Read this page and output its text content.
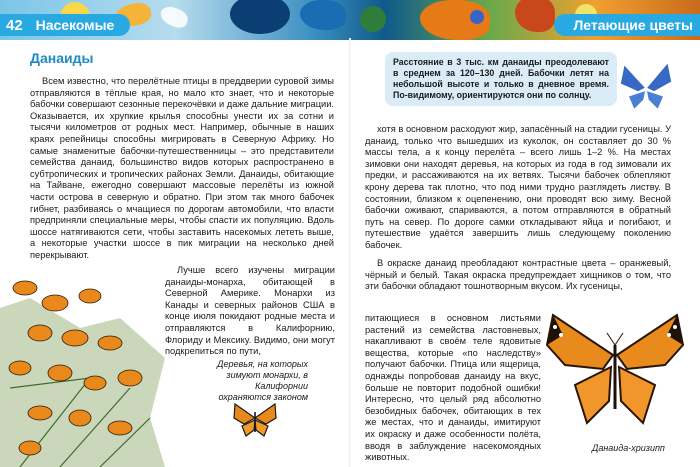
42 Насекомые	Летающие цветы 43
Данаиды

Всем известно, что перелётные птицы в преддверии суровой зимы отправляются в тёплые края, но мало кто знает, что и некоторые бабочки совершают сезонные перекочёвки и даже дальние миграции. Оказывается, их хрупкие крылья способны унести их за сотни и тысячи километров от родных мест. Например, обычные в наших краях репейницы способны мигрировать в Северную Африку. Но самые знаменитые бабочки-путешественницы – это представители семейства данаид, большинство видов которых распространено в субтропических и тропических районах Земли. Данаиды, обитающие на Тайване, ежегодно совершают массовые перелёты из южной части острова в северную и обратно. При этом так много бабочек гибнет, разбиваясь о мчащиеся по дорогам автомобили, что власти предприняли специальные меры, чтобы спасти их популяцию. Вдоль шоссе натягиваются сети, чтобы заставить насекомых лететь выше, а некоторые участки шоссе в пик миграции на несколько дней перекрывают.

Лучше всего изучены миграции данаиды-монарха, обитающей в Северной Америке. Монархи из Канады и северных районов США в конце июля покидают родные места и отправляются в Калифорнию, Флориду и Мексику. Видимо, они могут подкрепиться по пути,

Деревья, на которых зимуют монархи, в Калифорнии охраняются законом

Расстояние в 3 тыс. км данаиды преодолевают в среднем за 120–130 дней. Бабочки летят на небольшой высоте и только в дневное время. По-видимому, ориентируются они по солнцу.

хотя в основном расходуют жир, запасённый на стадии гусеницы. У данаид, только что вышедших из куколок, он составляет до 30 % массы тела, а к концу перелёта – всего лишь 1–2 %. На местах зимовки они находят деревья, на которых из года в год зимовали их предки, и рассаживаются на их ветвях. Тысячи бабочек облепляют крону дерева так плотно, что под ними трудно разглядеть листву. В состоянии, близком к оцепенению, они проводят всю зиму. Весной бабочки оживают, спариваются, а потом отправляются в обратный путь на север. По дороге самки откладывают яйца и погибают, и путешествие удаётся завершить лишь следующему поколению бабочек.

В окраске данаид преобладают контрастные цвета – оранжевый, чёрный и белый. Такая окраска предупреждает хищников о том, что эти бабочки обладают тошнотворным вкусом. Их гусеницы,

питающиеся в основном листьями растений из семейства ластовневых, накапливают в своём теле ядовитые вещества, которые «по наследству» получают бабочки. Птица или ящерица, однажды попробовав данаиду на вкус, больше не повторит подобной ошибки! Интересно, что целый ряд абсолютно безобидных бабочек, обитающих в тех же местах, что и данаиды, имитируют их окраску и даже особенности полёта, вводя в заблуждение насекомоядных животных.

Данаида-хризипп
